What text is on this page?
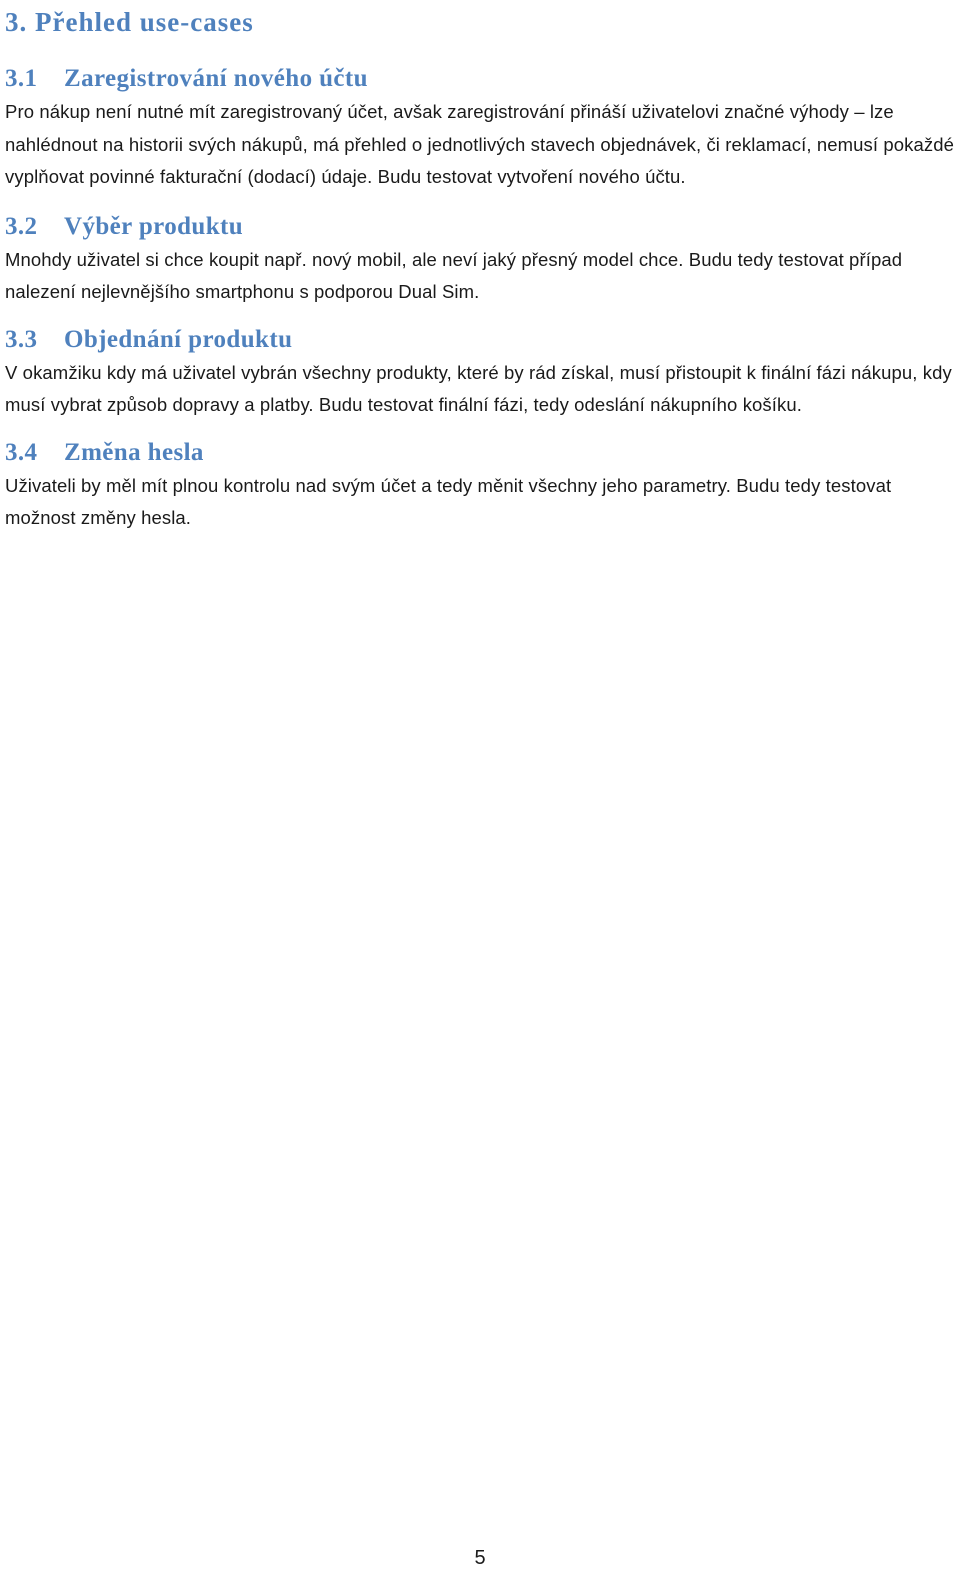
3. Přehled use-cases
3.1 Zaregistrování nového účtu

Pro nákup není nutné mít zaregistrovaný účet, avšak zaregistrování přináší uživatelovi značné výhody – lze nahlédnout na historii svých nákupů, má přehled o jednotlivých stavech objednávek, či reklamací, nemusí pokaždé vyplňovat povinné fakturační (dodací) údaje. Budu testovat vytvoření nového účtu.

3.2 Výběr produktu

Mnohdy uživatel si chce koupit např. nový mobil, ale neví jaký přesný model chce. Budu tedy testovat případ nalezení nejlevnějšího smartphonu s podporou Dual Sim.

3.3 Objednání produktu

V okamžiku kdy má uživatel vybrán všechny produkty, které by rád získal, musí přistoupit k finální fázi nákupu, kdy musí vybrat způsob dopravy a platby. Budu testovat finální fázi, tedy odeslání nákupního košíku.

3.4 Změna hesla

Uživateli by měl mít plnou kontrolu nad svým účet a tedy měnit všechny jeho parametry. Budu tedy testovat možnost změny hesla.

5
